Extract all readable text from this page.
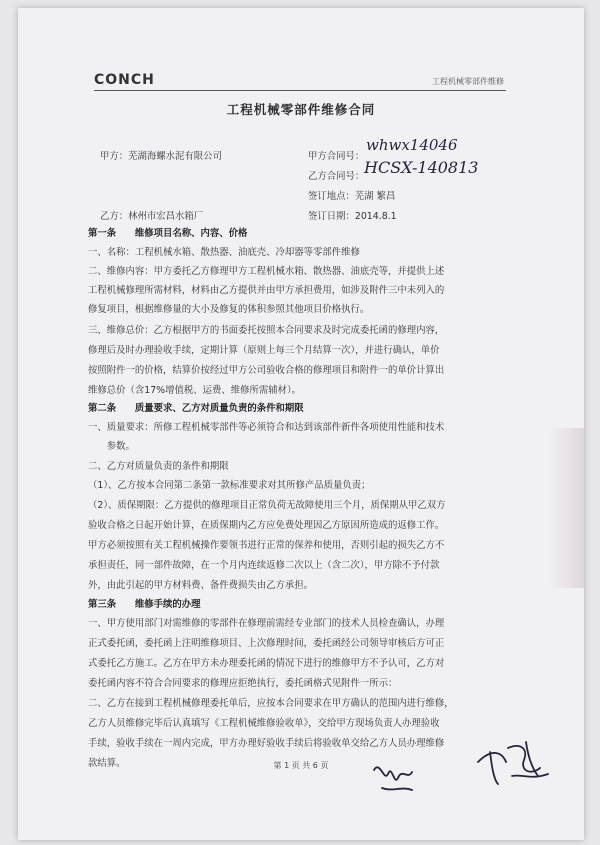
CONCH	工程机械零部件维修
工程机械零部件维修合同
甲方：芜湖海螺水泥有限公司	甲方合同号：
whwx14046
乙方合同号： HCSX-140813
签订地点：芜湖 繁昌
乙方：林州市宏昌水箱厂	签订日期：2014.8.1
第一条　　维修项目名称、内容、价格
一、名称：工程机械水箱、散热器、油底壳、冷却器等零部件维修
二、维修内容：甲方委托乙方修理甲方工程机械水箱、散热器、油底壳等，并提供上述
工程机械修理所需材料，材料由乙方提供并由甲方承担费用，如涉及附件三中未列入的
修复项目，根据维修量的大小及修复的体积参照其他项目价格执行。
三、维修总价：乙方根据甲方的书面委托按照本合同要求及时完成委托函的修理内容，
修理后及时办理验收手续，定期计算（原则上每三个月结算一次），并进行确认，单价
按照附件一的价格，结算价按经过甲方公司验收合格的修理项目和附件一的单价计算出
维修总价（含17%增值税、运费、维修所需辅材）。
第二条　　质量要求、乙方对质量负责的条件和期限
一、质量要求：所修工程机械零部件等必须符合和达到该部件新件各项使用性能和技术
　　参数。
二、乙方对质量负责的条件和期限
（1）、乙方按本合同第二条第一款标准要求对其所修产品质量负责；
（2）、质保期限：乙方提供的修理项目正常负荷无故障使用三个月，质保期从甲乙双方
验收合格之日起开始计算，在质保期内乙方应免费处理因乙方原因所造成的返修工作。
甲方必须按照有关工程机械操作要领书进行正常的保养和使用，否则引起的损失乙方不
承担责任，同一部件故障，在一个月内连续返修二次以上（含二次），甲方除不予付款
外，由此引起的甲方材料费、备件费损失由乙方承担。
第三条　　维修手续的办理
一、甲方使用部门对需维修的零部件在修理前需经专业部门的技术人员检查确认，办理
正式委托函，委托函上注明维修项目、上次修理时间，委托函经公司领导审核后方可正
式委托乙方施工。乙方在甲方未办理委托函的情况下进行的维修甲方不予认可，乙方对
委托函内容不符合合同要求的修理应拒绝执行，委托函格式见附件一所示：
二、乙方在接到工程机械修理委托单后，应按本合同要求在甲方确认的范围内进行维修，
乙方人员维修完毕后认真填写《工程机械维修验收单》，交给甲方现场负责人办理验收
手续，验收手续在一周内完成，甲方办理好验收手续后将验收单交给乙方人员办理维修
款结算。	第 1 页 共 6 页
